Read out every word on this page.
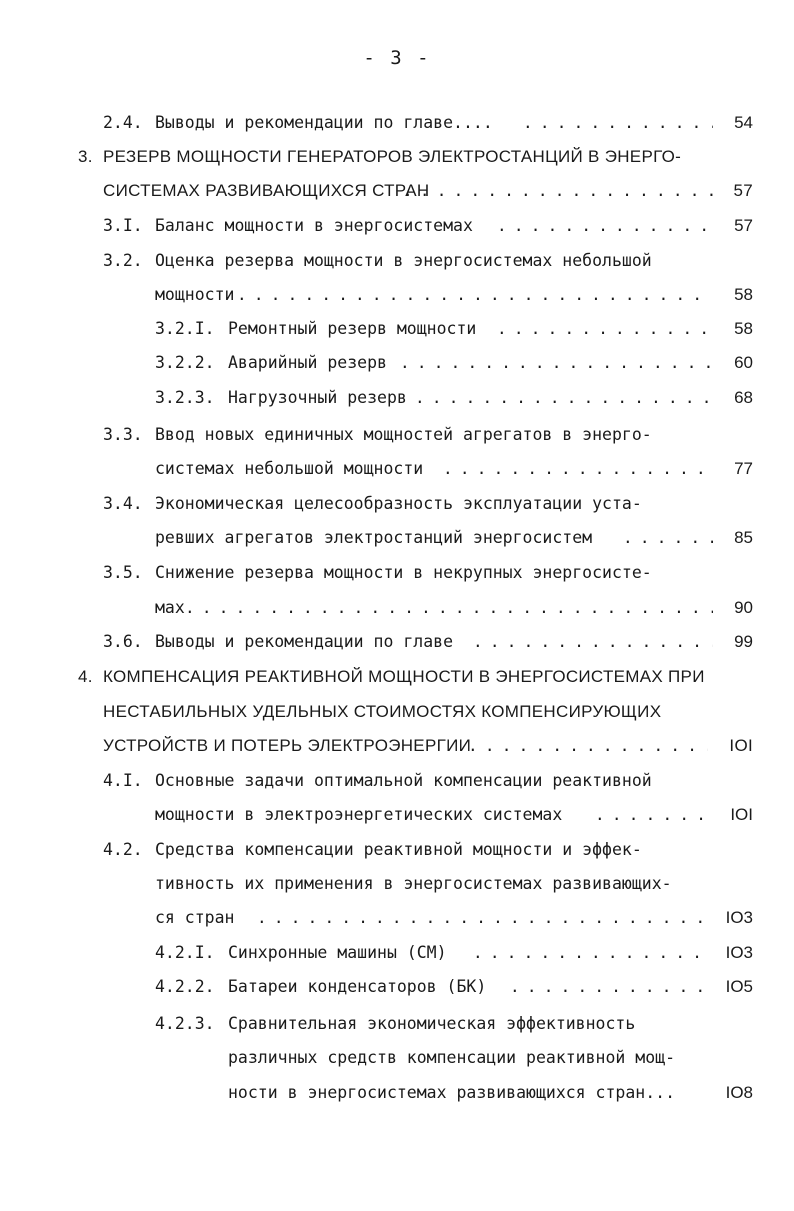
- 3 -
2.4. Выводы и рекомендации по главе.... . . .	54
3. РЕЗЕРВ МОЩНОСТИ ГЕНЕРАТОРОВ ЭЛЕКТРОСТАНЦИЙ В ЭНЕРГО-
СИСТЕМАХ РАЗВИВАЮЩИХСЯ СТРАН . . .	57
3.I. Баланс мощности в энергосистемах . . .	57
3.2. Оценка резерва мощности в энергосистемах небольшой
мощности . . .	58
3.2.I. Ремонтный резерв мощности . . .	58
3.2.2. Аварийный резерв . . .	60
3.2.3. Нагрузочный резерв . . .	68
3.3. Ввод новых единичных мощностей агрегатов в энерго-
системах небольшой мощности . . .	77
3.4. Экономическая целесообразность эксплуатации уста-
ревших агрегатов электростанций энергосистем . . .	85
3.5. Снижение резерва мощности в некрупных энергосисте-
мах . . .	90
3.6. Выводы и рекомендации по главе . . .	99
4. КОМПЕНСАЦИЯ РЕАКТИВНОЙ МОЩНОСТИ В ЭНЕРГОСИСТЕМАХ ПРИ
НЕСТАБИЛЬНЫХ УДЕЛЬНЫХ СТОИМОСТЯХ КОМПЕНСИРУЮЩИХ
УСТРОЙСТВ И ПОТЕРЬ ЭЛЕКТРОЭНЕРГИИ . . .	IOI
4.I. Основные задачи оптимальной компенсации реактивной
мощности в электроэнергетических системах . . .	IOI
4.2. Средства компенсации реактивной мощности и эффек-
тивность их применения в энергосистемах развивающих-
ся стран . . .	IO3
4.2.I. Синхронные машины (СМ) . . .	IO3
4.2.2. Батареи конденсаторов (БК) . . .	IO5
4.2.3. Сравнительная экономическая эффективность
различных средств компенсации реактивной мощ-
ности в энергосистемах развивающихся стран...	IO8
